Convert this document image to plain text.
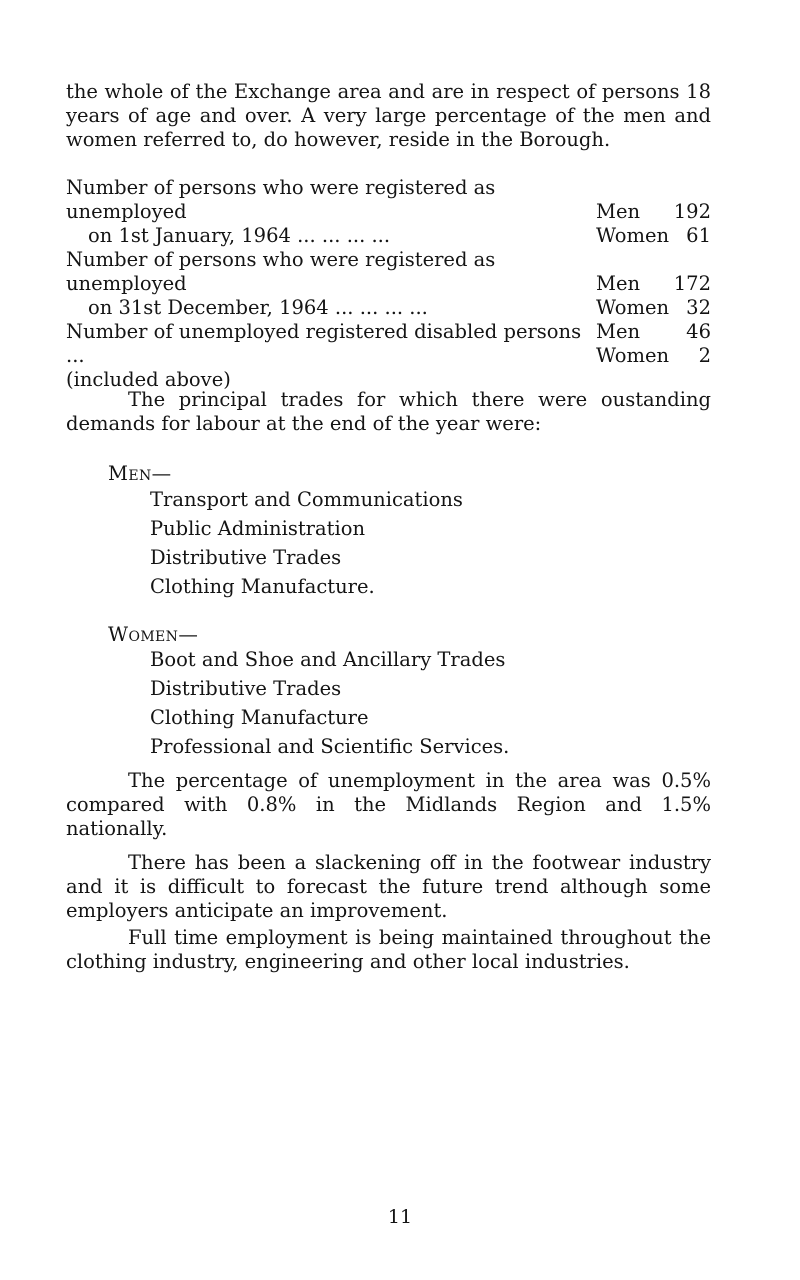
the whole of the Exchange area and are in respect of persons 18 years of age and over. A very large percentage of the men and women referred to, do however, reside in the Borough.

Number of persons who were registered as unemployed
on 1st January, 1964 ... ... ... ...
Men 192
Women 61
Number of persons who were registered as unemployed
on 31st December, 1964 ... ... ... ...
Men 172
Women 32
Number of unemployed registered disabled persons ...
(included above)
Men 46
Women 2

The principal trades for which there were oustanding demands for labour at the end of the year were:

Men—
Transport and Communications
Public Administration
Distributive Trades
Clothing Manufacture.
Women—
Boot and Shoe and Ancillary Trades
Distributive Trades
Clothing Manufacture
Professional and Scientific Services.

The percentage of unemployment in the area was 0.5% compared with 0.8% in the Midlands Region and 1.5% nationally.

There has been a slackening off in the footwear industry and it is difficult to forecast the future trend although some employers anticipate an improvement.

Full time employment is being maintained throughout the clothing industry, engineering and other local industries.

11
